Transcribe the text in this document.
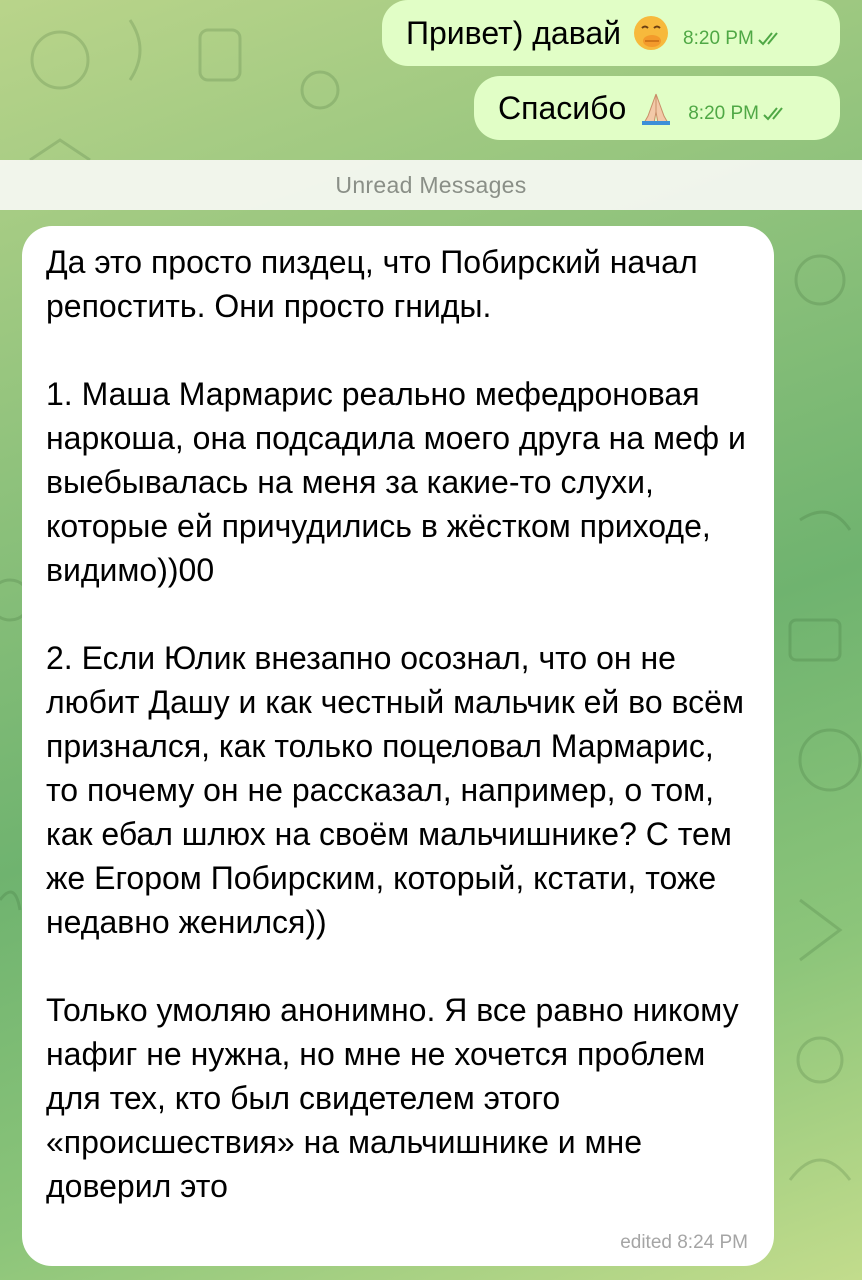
Привет) давай	8:20 PM
Спасибо	8:20 PM
Unread Messages

Да это просто пиздец, что Побирский начал репостить. Они просто гниды.

1. Маша Мармарис реально мефедроновая наркоша, она подсадила моего друга на меф и выебывалась на меня за какие-то слухи, которые ей причудились в жёстком приходе, видимо))00

2. Если Юлик внезапно осознал, что он не любит Дашу и как честный мальчик ей во всём признался, как только поцеловал Мармарис, то почему он не рассказал, например, о том, как ебал шлюх на своём мальчишнике? С тем же Егором Побирским, который, кстати, тоже недавно женился))

Только умоляю анонимно. Я все равно никому нафиг не нужна, но мне не хочется проблем для тех, кто был свидетелем этого «происшествия» на мальчишнике и мне доверил это

edited 8:24 PM
